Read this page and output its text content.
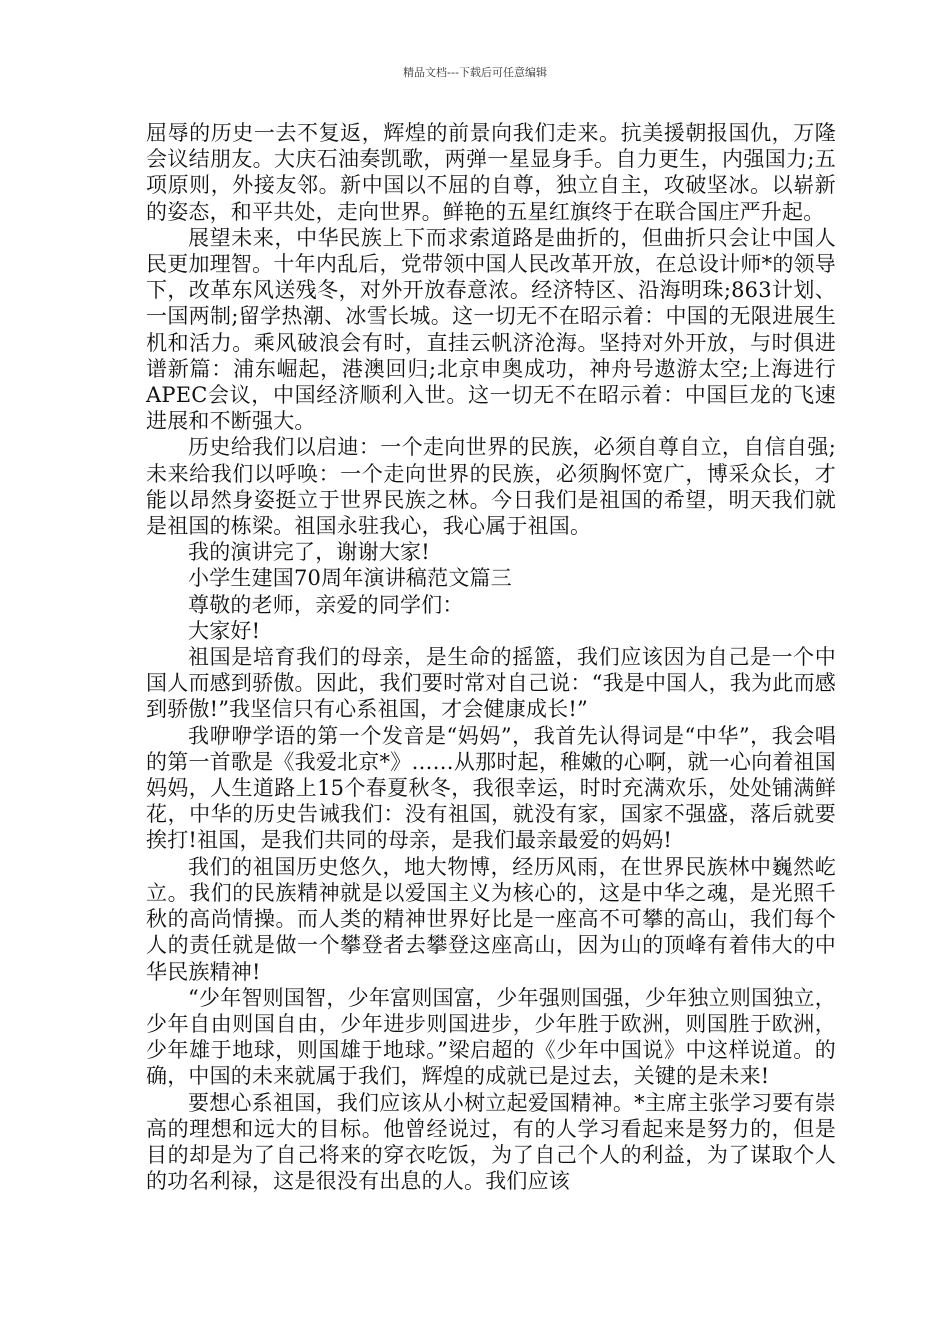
精品文档---下载后可任意编辑

屈辱的历史一去不复返，辉煌的前景向我们走来。抗美援朝报国仇，万隆会议结朋友。大庆石油奏凯歌，两弹一星显身手。自力更生，内强国力;五项原则，外接友邻。新中国以不屈的自尊，独立自主，攻破坚冰。以崭新的姿态，和平共处，走向世界。鲜艳的五星红旗终于在联合国庄严升起。

展望未来，中华民族上下而求索道路是曲折的，但曲折只会让中国人民更加理智。十年内乱后，党带领中国人民改革开放，在总设计师*的领导下，改革东风送残冬，对外开放春意浓。经济特区、沿海明珠;863计划、一国两制;留学热潮、冰雪长城。这一切无不在昭示着：中国的无限进展生机和活力。乘风破浪会有时，直挂云帆济沧海。坚持对外开放，与时俱进谱新篇：浦东崛起，港澳回归;北京申奥成功，神舟号遨游太空;上海进行APEC会议，中国经济顺利入世。这一切无不在昭示着：中国巨龙的飞速进展和不断强大。

历史给我们以启迪：一个走向世界的民族，必须自尊自立，自信自强;未来给我们以呼唤：一个走向世界的民族，必须胸怀宽广，博采众长，才能以昂然身姿挺立于世界民族之林。今日我们是祖国的希望，明天我们就是祖国的栋梁。祖国永驻我心，我心属于祖国。

我的演讲完了，谢谢大家!

小学生建国70周年演讲稿范文篇三

尊敬的老师，亲爱的同学们：

大家好!

祖国是培育我们的母亲，是生命的摇篮，我们应该因为自己是一个中国人而感到骄傲。因此，我们要时常对自己说：“我是中国人，我为此而感到骄傲!”我坚信只有心系祖国，才会健康成长!”

我咿咿学语的第一个发音是“妈妈”，我首先认得词是“中华”，我会唱的第一首歌是《我爱北京*》……从那时起，稚嫩的心啊，就一心向着祖国妈妈，人生道路上15个春夏秋冬，我很幸运，时时充满欢乐，处处铺满鲜花，中华的历史告诫我们：没有祖国，就没有家，国家不强盛，落后就要挨打!祖国，是我们共同的母亲，是我们最亲最爱的妈妈!

我们的祖国历史悠久，地大物博，经历风雨，在世界民族林中巍然屹立。我们的民族精神就是以爱国主义为核心的，这是中华之魂，是光照千秋的高尚情操。而人类的精神世界好比是一座高不可攀的高山，我们每个人的责任就是做一个攀登者去攀登这座高山，因为山的顶峰有着伟大的中华民族精神!

“少年智则国智，少年富则国富，少年强则国强，少年独立则国独立，少年自由则国自由，少年进步则国进步，少年胜于欧洲，则国胜于欧洲，少年雄于地球，则国雄于地球。”梁启超的《少年中国说》中这样说道。的确，中国的未来就属于我们，辉煌的成就已是过去，关键的是未来!

要想心系祖国，我们应该从小树立起爱国精神。*主席主张学习要有崇高的理想和远大的目标。他曾经说过，有的人学习看起来是努力的，但是目的却是为了自己将来的穿衣吃饭，为了自己个人的利益，为了谋取个人的功名利禄，这是很没有出息的人。我们应该
